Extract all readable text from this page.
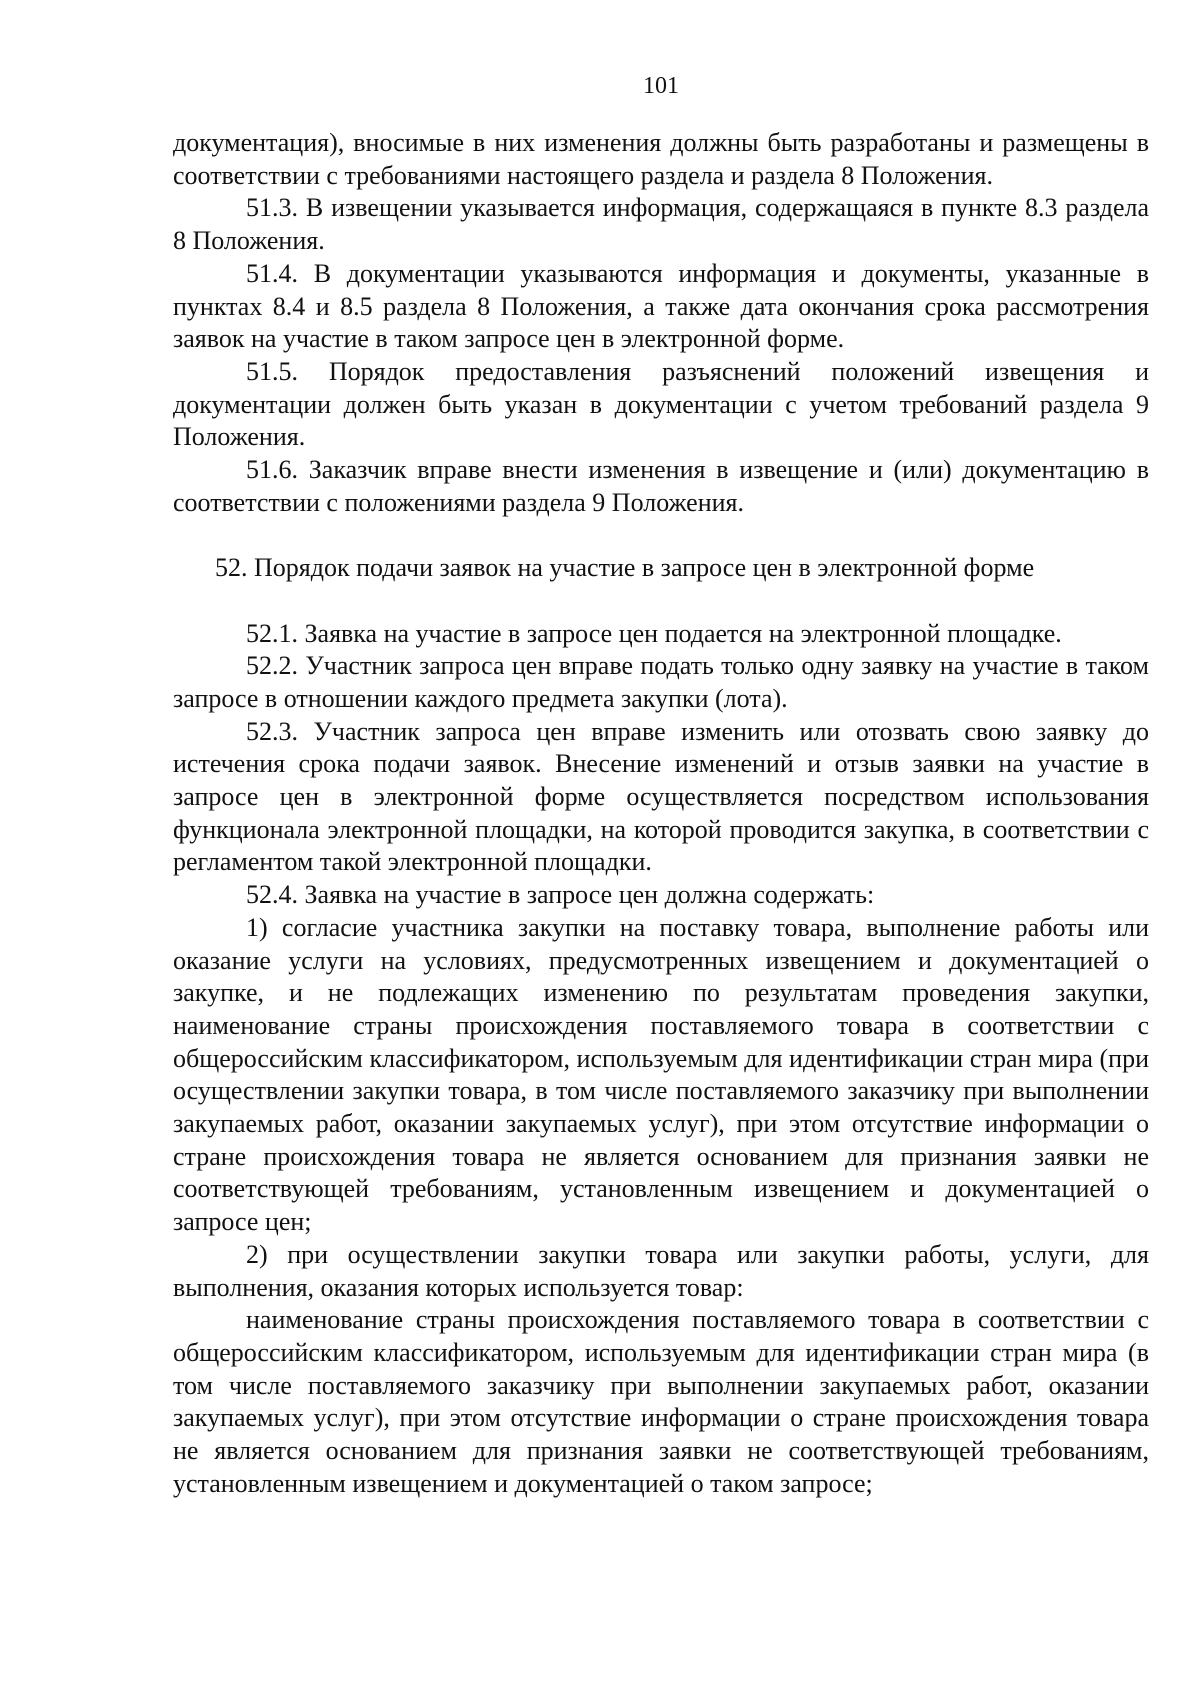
101

документация), вносимые в них изменения должны быть разработаны и размещены в соответствии с требованиями настоящего раздела и раздела 8 Положения.

51.3. В извещении указывается информация, содержащаяся в пункте 8.3 раздела 8 Положения.

51.4. В документации указываются информация и документы, указанные в пунктах 8.4 и 8.5 раздела 8 Положения, а также дата окончания срока рассмотрения заявок на участие в таком запросе цен в электронной форме.

51.5. Порядок предоставления разъяснений положений извещения и документации должен быть указан в документации с учетом требований раздела 9 Положения.

51.6. Заказчик вправе внести изменения в извещение и (или) документацию в соответствии с положениями раздела 9 Положения.

52. Порядок подачи заявок на участие в запросе цен в электронной форме

52.1. Заявка на участие в запросе цен подается на электронной площадке.

52.2. Участник запроса цен вправе подать только одну заявку на участие в таком запросе в отношении каждого предмета закупки (лота).

52.3. Участник запроса цен вправе изменить или отозвать свою заявку до истечения срока подачи заявок. Внесение изменений и отзыв заявки на участие в запросе цен в электронной форме осуществляется посредством использования функционала электронной площадки, на которой проводится закупка, в соответствии с регламентом такой электронной площадки.

52.4. Заявка на участие в запросе цен должна содержать:

1) согласие участника закупки на поставку товара, выполнение работы или оказание услуги на условиях, предусмотренных извещением и документацией о закупке, и не подлежащих изменению по результатам проведения закупки, наименование страны происхождения поставляемого товара в соответствии с общероссийским классификатором, используемым для идентификации стран мира (при осуществлении закупки товара, в том числе поставляемого заказчику при выполнении закупаемых работ, оказании закупаемых услуг), при этом отсутствие информации о стране происхождения товара не является основанием для признания заявки не соответствующей требованиям, установленным извещением и документацией о запросе цен;

2) при осуществлении закупки товара или закупки работы, услуги, для выполнения, оказания которых используется товар:

наименование страны происхождения поставляемого товара в соответствии с общероссийским классификатором, используемым для идентификации стран мира (в том числе поставляемого заказчику при выполнении закупаемых работ, оказании закупаемых услуг), при этом отсутствие информации о стране происхождения товара не является основанием для признания заявки не соответствующей требованиям, установленным извещением и документацией о таком запросе;
